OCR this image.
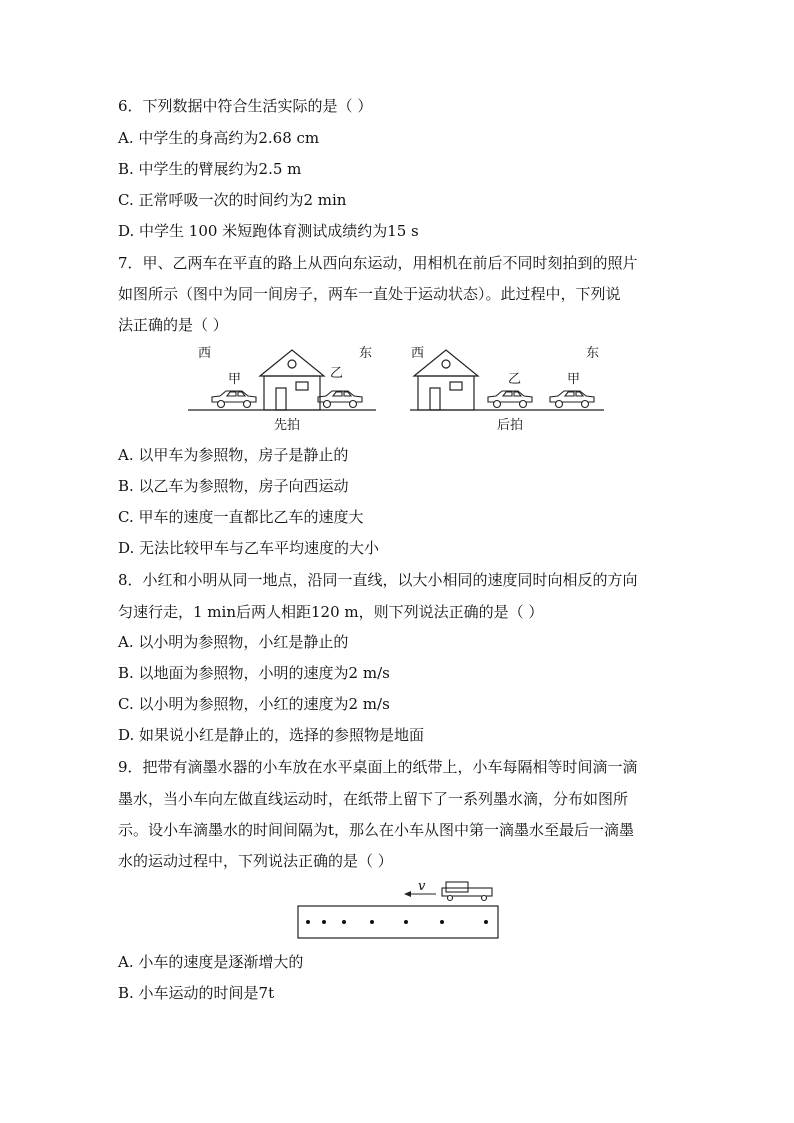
6．下列数据中符合生活实际的是（ ）
A. 中学生的身高约为2.68 cm
B. 中学生的臂展约为2.5 m
C. 正常呼吸一次的时间约为2 min
D. 中学生 100 米短跑体育测试成绩约为15 s
7．甲、乙两车在平直的路上从西向东运动，用相机在前后不同时刻拍到的照片
如图所示（图中为同一间房子，两车一直处于运动状态）。此过程中，下列说
法正确的是（ ）
西	东
甲	乙
先拍
西	东
乙	甲
后拍
A. 以甲车为参照物，房子是静止的
B. 以乙车为参照物，房子向西运动
C. 甲车的速度一直都比乙车的速度大
D. 无法比较甲车与乙车平均速度的大小
8．小红和小明从同一地点，沿同一直线，以大小相同的速度同时向相反的方向
匀速行走，1 min后两人相距120 m，则下列说法正确的是（ ）
A. 以小明为参照物，小红是静止的
B. 以地面为参照物，小明的速度为2 m/s
C. 以小明为参照物，小红的速度为2 m/s
D. 如果说小红是静止的，选择的参照物是地面
9．把带有滴墨水器的小车放在水平桌面上的纸带上，小车每隔相等时间滴一滴
墨水，当小车向左做直线运动时，在纸带上留下了一系列墨水滴，分布如图所
示。设小车滴墨水的时间间隔为t，那么在小车从图中第一滴墨水至最后一滴墨
水的运动过程中，下列说法正确的是（ ）
v
A. 小车的速度是逐渐增大的
B. 小车运动的时间是7t
